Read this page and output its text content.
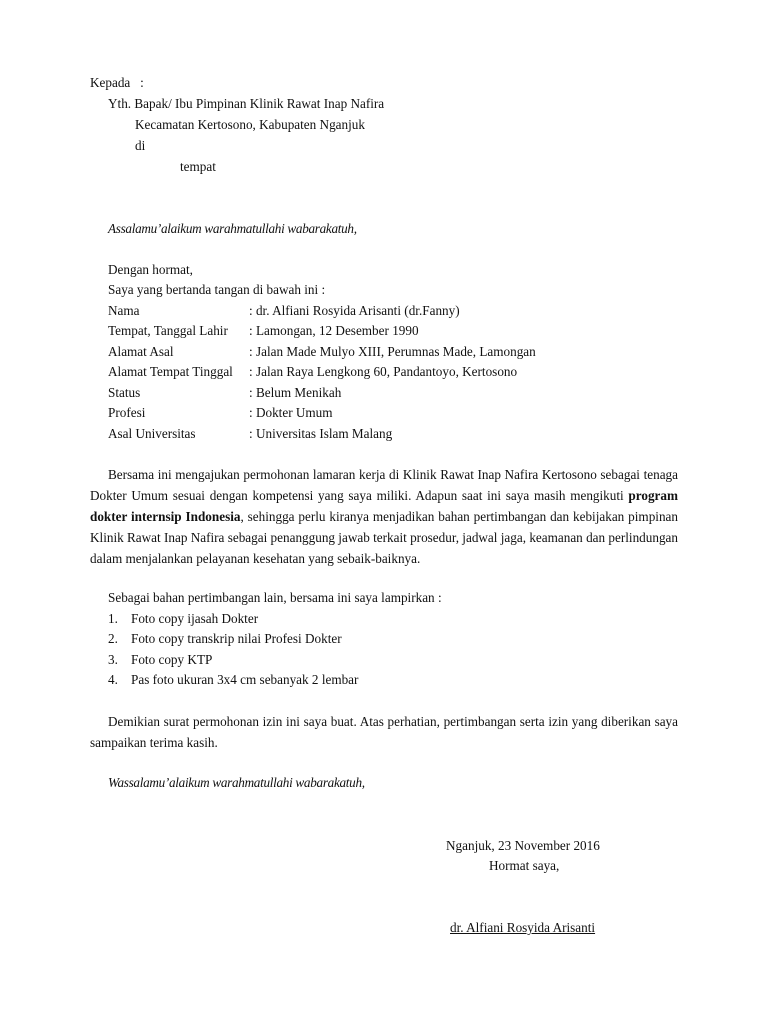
Kepada :
Yth. Bapak/ Ibu Pimpinan Klinik Rawat Inap Nafira
Kecamatan Kertosono, Kabupaten Nganjuk
di
tempat
Assalamu’alaikum warahmatullahi wabarakatuh,
Dengan hormat,
Saya yang bertanda tangan di bawah ini :
Nama	: dr. Alfiani Rosyida Arisanti (dr.Fanny)
Tempat, Tanggal Lahir : Lamongan, 12 Desember 1990
Alamat Asal	: Jalan Made Mulyo XIII, Perumnas Made, Lamongan
Alamat Tempat Tinggal : Jalan Raya Lengkong 60, Pandantoyo, Kertosono
Status	: Belum Menikah
Profesi	: Dokter Umum
Asal Universitas	: Universitas Islam Malang
Bersama ini mengajukan permohonan lamaran kerja di Klinik Rawat Inap Nafira Kertosono sebagai tenaga Dokter Umum sesuai dengan kompetensi yang saya miliki. Adapun saat ini saya masih mengikuti program dokter internsip Indonesia, sehingga perlu kiranya menjadikan bahan pertimbangan dan kebijakan pimpinan Klinik Rawat Inap Nafira sebagai penanggung jawab terkait prosedur, jadwal jaga, keamanan dan perlindungan dalam menjalankan pelayanan kesehatan yang sebaik-baiknya.
Sebagai bahan pertimbangan lain, bersama ini saya lampirkan :
1. Foto copy ijasah Dokter
2. Foto copy transkrip nilai Profesi Dokter
3. Foto copy KTP
4. Pas foto ukuran 3x4 cm sebanyak 2 lembar
Demikian surat permohonan izin ini saya buat. Atas perhatian, pertimbangan serta izin yang diberikan saya sampaikan terima kasih.
Wassalamu’alaikum warahmatullahi wabarakatuh,
Nganjuk, 23 November 2016
Hormat saya,
dr. Alfiani Rosyida Arisanti
